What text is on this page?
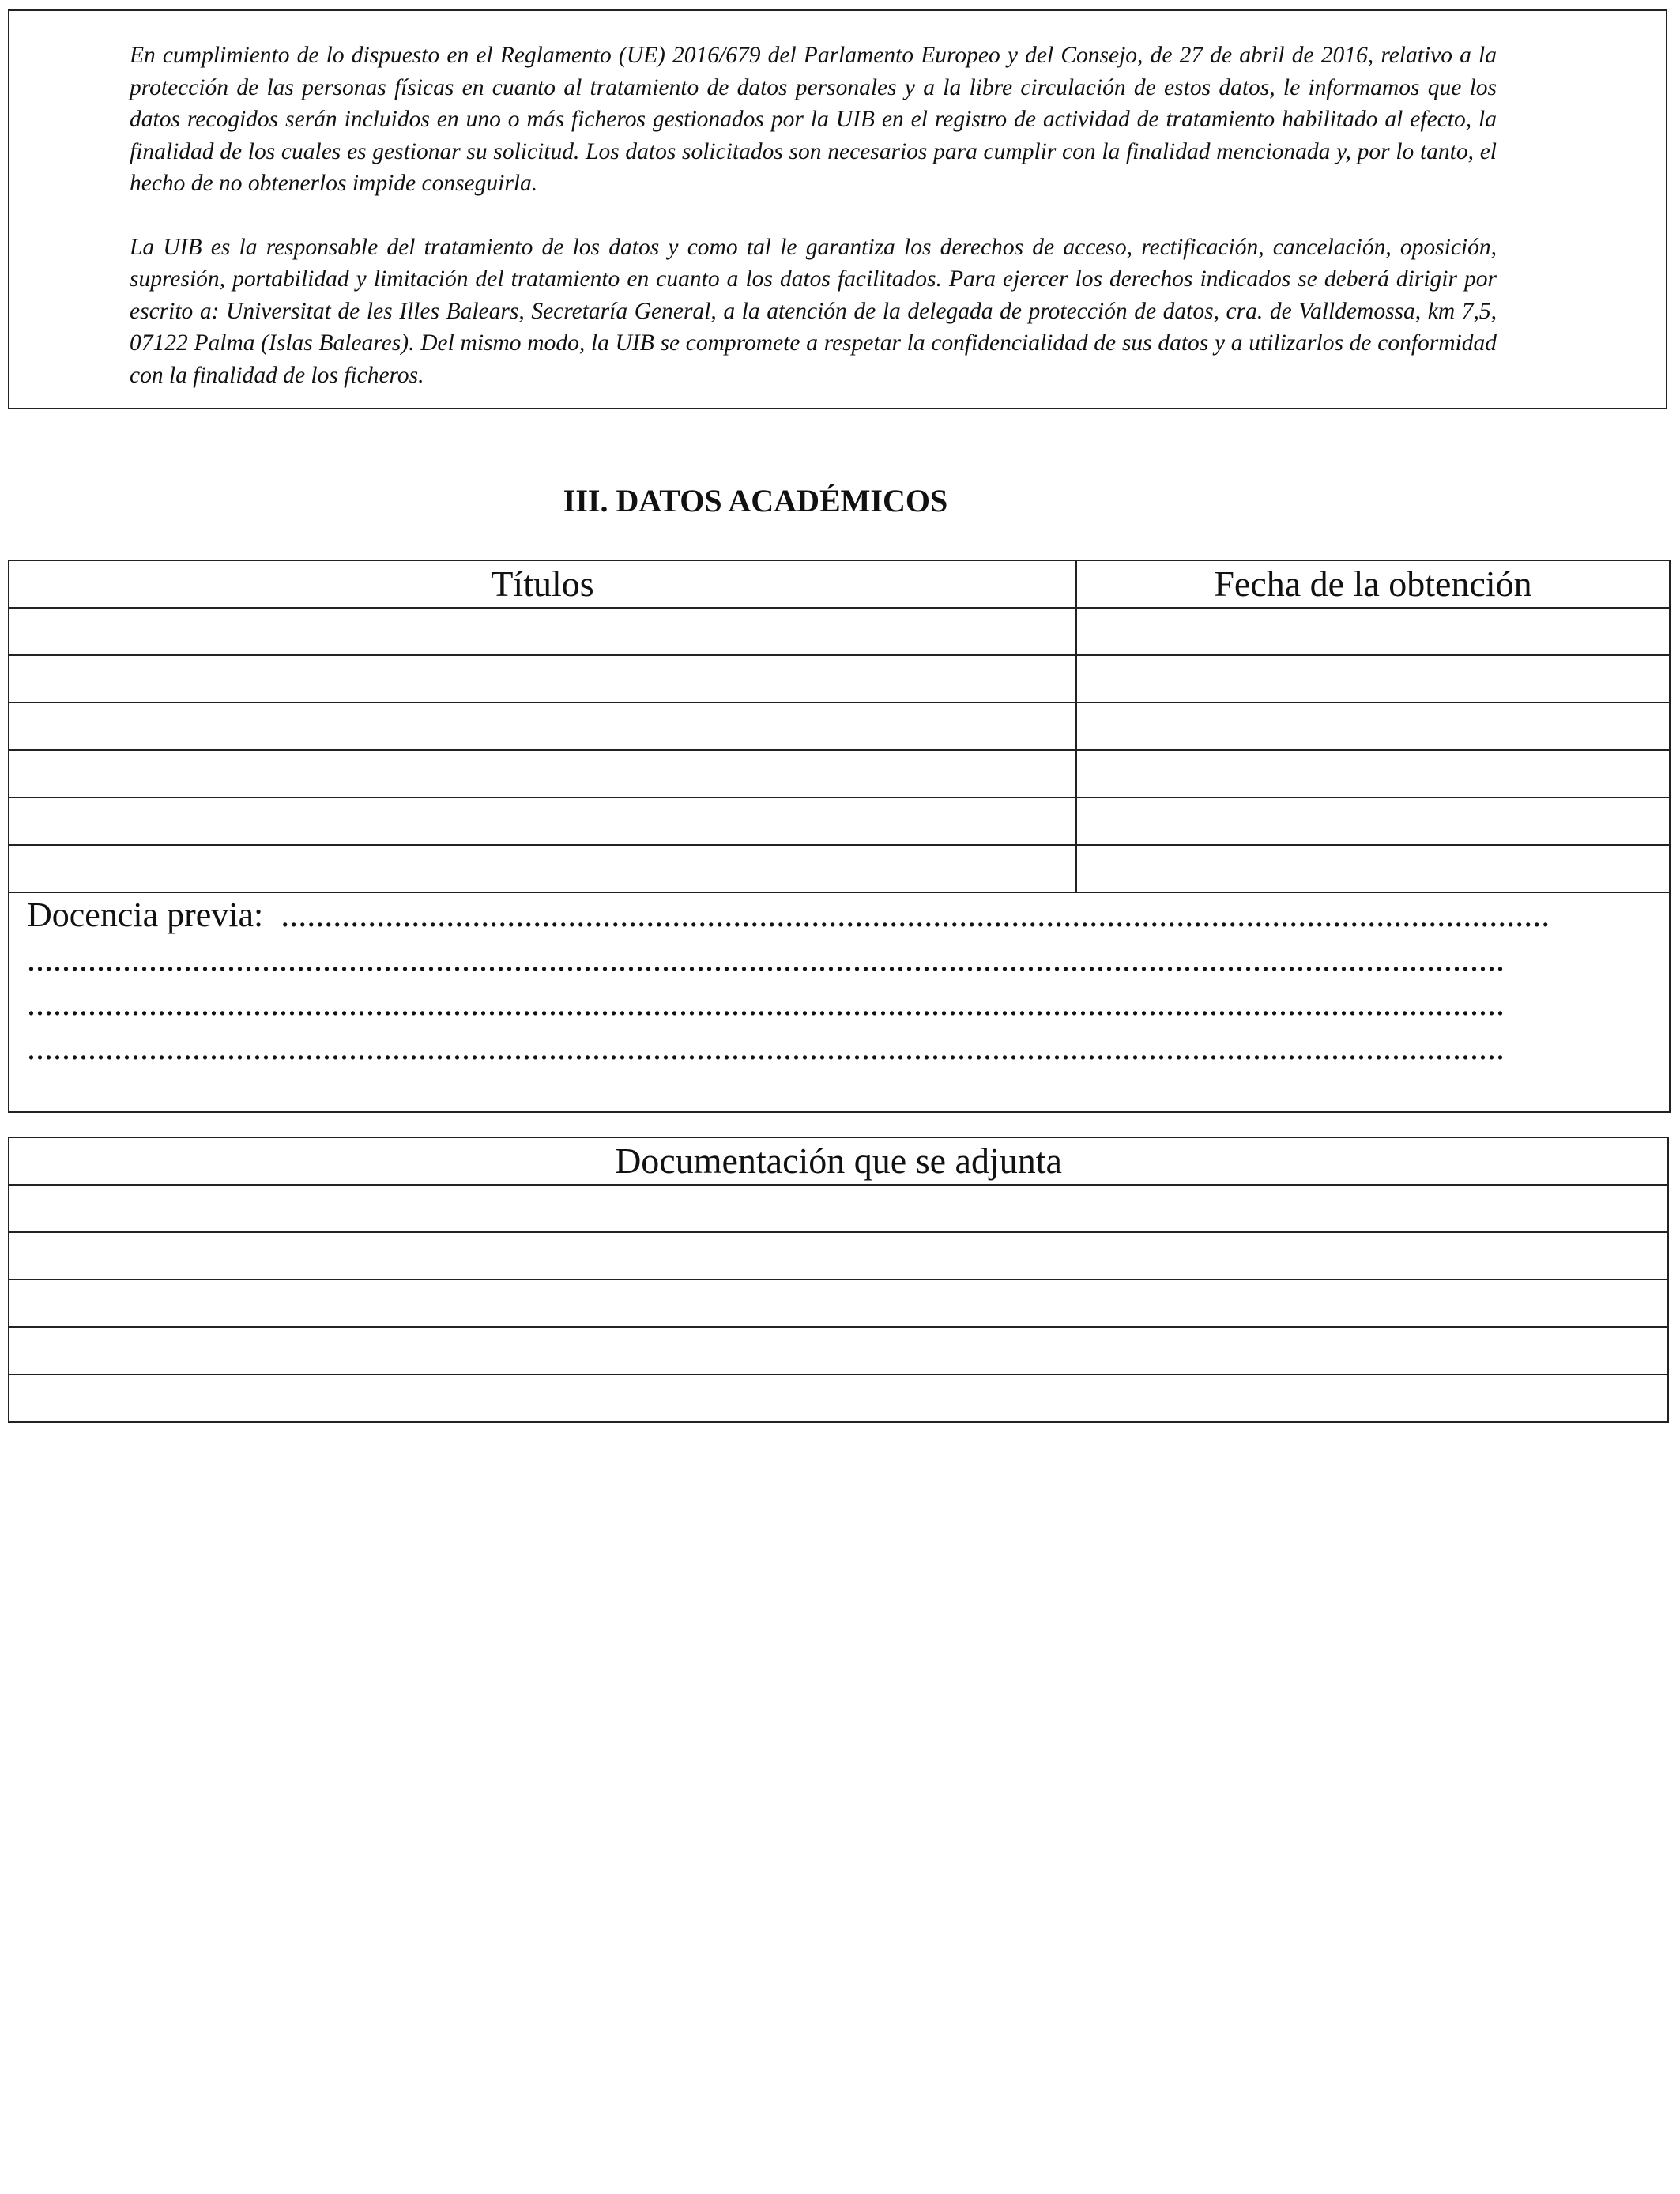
En cumplimiento de lo dispuesto en el Reglamento (UE) 2016/679 del Parlamento Europeo y del Consejo, de 27 de abril de 2016, relativo a la protección de las personas físicas en cuanto al tratamiento de datos personales y a la libre circulación de estos datos, le informamos que los datos recogidos serán incluidos en uno o más ficheros gestionados por la UIB en el registro de actividad de tratamiento habilitado al efecto, la finalidad de los cuales es gestionar su solicitud. Los datos solicitados son necesarios para cumplir con la finalidad mencionada y, por lo tanto, el hecho de no obtenerlos impide conseguirla.

La UIB es la responsable del tratamiento de los datos y como tal le garantiza los derechos de acceso, rectificación, cancelación, oposición, supresión, portabilidad y limitación del tratamiento en cuanto a los datos facilitados. Para ejercer los derechos indicados se deberá dirigir por escrito a: Universitat de les Illes Balears, Secretaría General, a la atención de la delegada de protección de datos, cra. de Valldemossa, km 7,5, 07122 Palma (Islas Baleares). Del mismo modo, la UIB se compromete a respetar la confidencialidad de sus datos y a utilizarlos de conformidad con la finalidad de los ficheros.

III. DATOS ACADÉMICOS
Títulos	Fecha de la obtención

Docencia previa: ..................................................................................................................................................
..........................................................................................................................................................................
..........................................................................................................................................................................
..........................................................................................................................................................................	
Documentación que se adjunta
